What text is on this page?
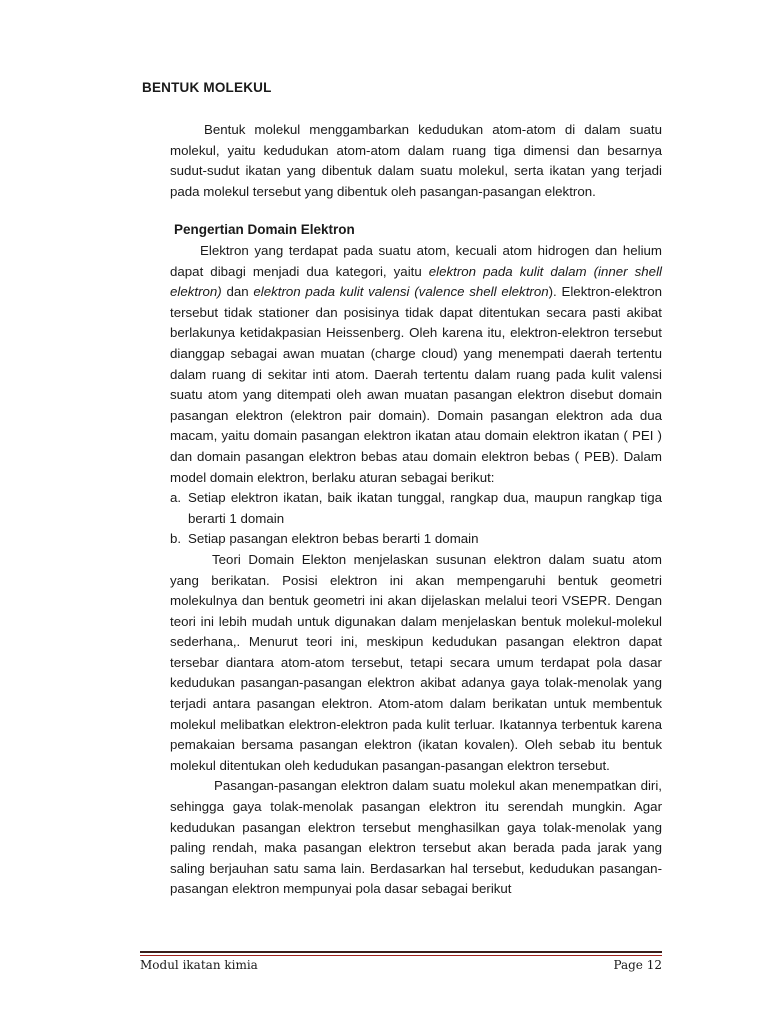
BENTUK MOLEKUL

Bentuk molekul menggambarkan kedudukan atom-atom di dalam suatu molekul, yaitu kedudukan atom-atom dalam ruang tiga dimensi dan besarnya sudut-sudut ikatan yang dibentuk dalam suatu molekul, serta ikatan yang terjadi pada molekul tersebut yang dibentuk oleh pasangan-pasangan elektron.

Pengertian Domain Elektron

Elektron yang terdapat pada suatu atom, kecuali atom hidrogen dan helium dapat dibagi menjadi dua kategori, yaitu elektron pada kulit dalam (inner shell elektron) dan elektron pada kulit valensi (valence shell elektron). Elektron-elektron tersebut tidak stationer dan posisinya tidak dapat ditentukan secara pasti akibat berlakunya ketidakpasian Heissenberg. Oleh karena itu, elektron-elektron tersebut dianggap sebagai awan muatan (charge cloud) yang menempati daerah tertentu dalam ruang di sekitar inti atom. Daerah tertentu dalam ruang pada kulit valensi suatu atom yang ditempati oleh awan muatan pasangan elektron disebut domain pasangan elektron (elektron pair domain). Domain pasangan elektron ada dua macam, yaitu domain pasangan elektron ikatan atau domain elektron ikatan ( PEI ) dan domain pasangan elektron bebas atau domain elektron bebas ( PEB). Dalam model domain elektron, berlaku aturan sebagai berikut:

a. Setiap elektron ikatan, baik ikatan tunggal, rangkap dua, maupun rangkap tiga berarti 1 domain
b. Setiap pasangan elektron bebas berarti 1 domain

Teori Domain Elekton menjelaskan susunan elektron dalam suatu atom yang berikatan. Posisi elektron ini akan mempengaruhi bentuk geometri molekulnya dan bentuk geometri ini akan dijelaskan melalui teori VSEPR. Dengan teori ini lebih mudah untuk digunakan dalam menjelaskan bentuk molekul-molekul sederhana,. Menurut teori ini, meskipun kedudukan pasangan elektron dapat tersebar diantara atom-atom tersebut, tetapi secara umum terdapat pola dasar kedudukan pasangan-pasangan elektron akibat adanya gaya tolak-menolak yang terjadi antara pasangan elektron. Atom-atom dalam berikatan untuk membentuk molekul melibatkan elektron-elektron pada kulit terluar. Ikatannya terbentuk karena pemakaian bersama pasangan elektron (ikatan kovalen). Oleh sebab itu bentuk molekul ditentukan oleh kedudukan pasangan-pasangan elektron tersebut.

Pasangan-pasangan elektron dalam suatu molekul akan menempatkan diri, sehingga gaya tolak-menolak pasangan elektron itu serendah mungkin. Agar kedudukan pasangan elektron tersebut menghasilkan gaya tolak-menolak yang paling rendah, maka pasangan elektron tersebut akan berada pada jarak yang saling berjauhan satu sama lain. Berdasarkan hal tersebut, kedudukan pasangan-pasangan elektron mempunyai pola dasar sebagai berikut

Modul ikatan kimia	Page 12
